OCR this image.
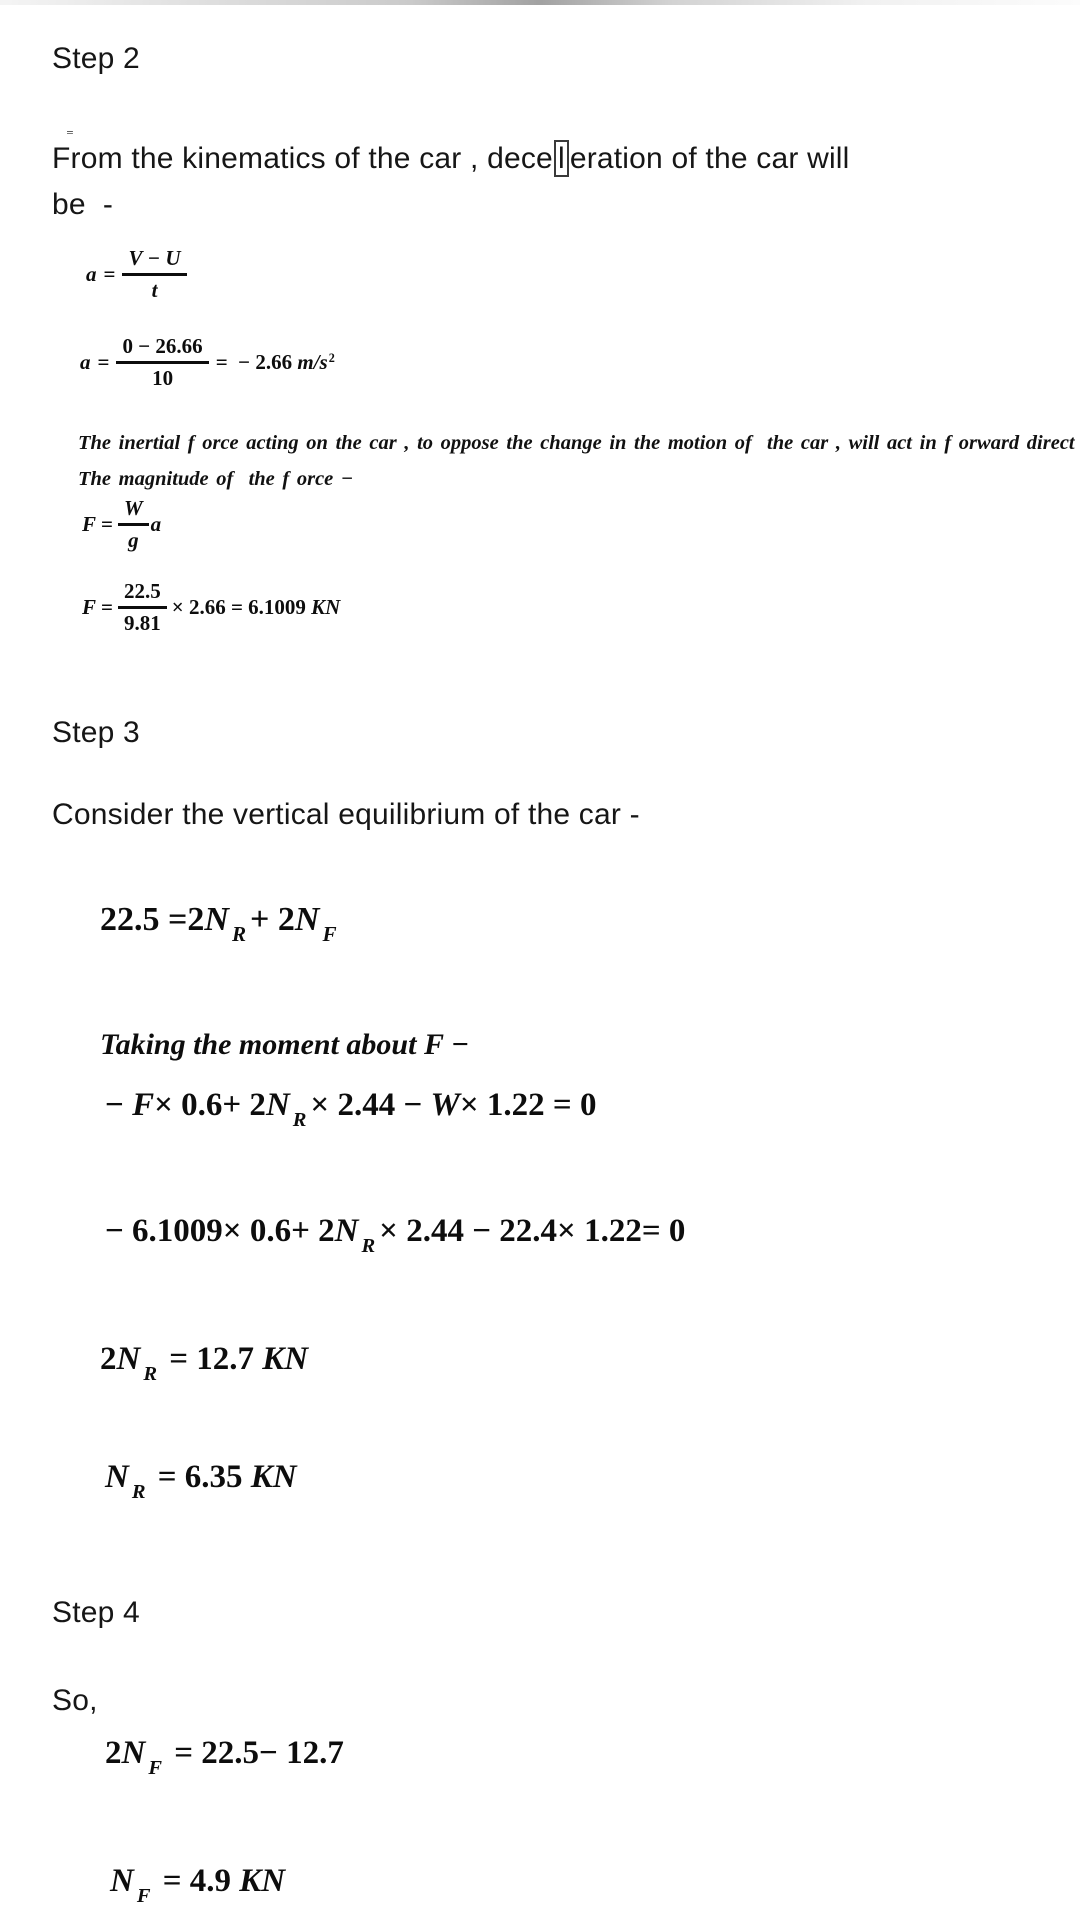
Step 2
⁼
From the kinematics of the car , dece l eration of the car will
be  -
$a = \frac{V - U}{t}$
$a = \frac{0 - 26.66}{10}$ =  − 2.66 $m/s^2$
The inertial f orce acting on the car , to oppose the change in the motion of  the car , will act in f orward direct
The magnitude of  the f orce −
$F = \frac{W}{g}$ a
$F = \frac{22.5}{9.81} \times 2.66 = 6.1009$ KN
Step 3
Consider the vertical equilibrium of the car -
22.5 =2N $_R$ + 2N $_F$
Taking the moment about F −
− F× 0.6+ 2N $_R$ × 2.44 − W× 1.22 = 0
− 6.1009× 0.6+ 2N $_R$ × 2.44 − 22.4× 1.22= 0
2N $_R$ = 12.7 KN
N $_R$ = 6.35 KN
Step 4
So,
2N $_F$ = 22.5− 12.7
N $_F$ = 4.9 KN
